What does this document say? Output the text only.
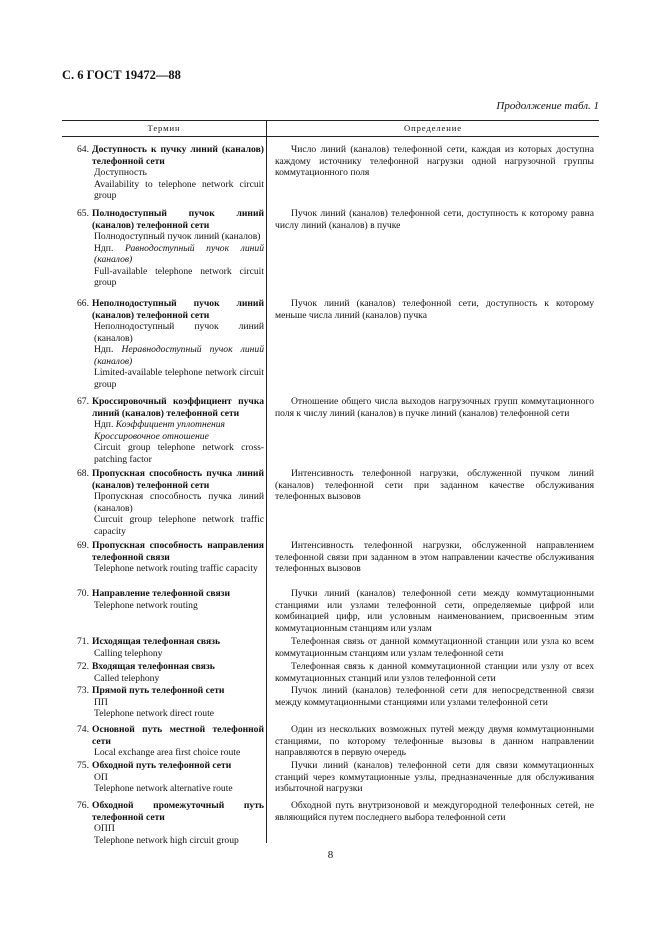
С. 6 ГОСТ 19472—88
Продолжение табл. 1
Термин	Определение
64. Доступность к пучку линий (каналов) телефонной сети
Доступность
Availability to telephone network circuit group
Число линий (каналов) телефонной сети, каждая из которых доступна каждому источнику телефонной нагрузки одной нагрузочной группы коммутационного поля
65. Полнодоступный пучок линий (каналов) телефонной сети
Полнодоступный пучок линий (каналов)
Ндп. Равнодоступный пучок линий (каналов)
Full-available telephone network circuit group
Пучок линий (каналов) телефонной сети, доступность к которому равна числу линий (каналов) в пучке
66. Неполнодоступный пучок линий (каналов) телефонной сети
Неполнодоступный пучок линий (каналов)
Ндп. Неравнодоступный пучок линий (каналов)
Limited-available telephone network circuit group
Пучок линий (каналов) телефонной сети, доступность к которому меньше числа линий (каналов) пучка
67. Кроссировочный коэффициент пучка линий (каналов) телефонной сети
Ндп. Коэффициент уплотнения
Кроссировочное отношение
Circuit group telephone network cross-patching factor
Отношение общего числа выходов нагрузочных групп коммутационного поля к числу линий (каналов) в пучке линий (каналов) телефонной сети
68. Пропускная способность пучка линий (каналов) телефонной сети
Пропускная способность пучка линий (каналов)
Curcuit group telephone network traffic capacity
Интенсивность телефонной нагрузки, обслуженной пучком линий (каналов) телефонной сети при заданном качестве обслуживания телефонных вызовов
69. Пропускная способность направления телефонной связи
Telephone network routing traffic capacity
Интенсивность телефонной нагрузки, обслуженной направлением телефонной связи при заданном в этом направлении качестве обслуживания телефонных вызовов
70. Направление телефонной связи
Telephone network routing
Пучки линий (каналов) телефонной сети между коммутационными станциями или узлами телефонной сети, определяемые цифрой или комбинацией цифр, или условным наименованием, присвоенным этим коммутационным станциям или узлам
71. Исходящая телефонная связь
Calling telephony
Телефонная связь от данной коммутационной станции или узла ко всем коммутационным станциям или узлам телефонной сети
72. Входящая телефонная связь
Called telephony
Телефонная связь к данной коммутационной станции или узлу от всех коммутационных станций или узлов телефонной сети
73. Прямой путь телефонной сети
ПП
Telephone network direct route
Пучок линий (каналов) телефонной сети для непосредственной связи между коммутационными станциями или узлами телефонной сети
74. Основной путь местной телефонной сети
Local exchange area first choice route
Один из нескольких возможных путей между двумя коммутационными станциями, по которому телефонные вызовы в данном направлении направляются в первую очередь
75. Обходной путь телефонной сети
ОП
Telephone network alternative route
Пучки линий (каналов) телефонной сети для связи коммутационных станций через коммутационные узлы, предназначенные для обслуживания избыточной нагрузки
76. Обходной промежуточный путь телефонной сети
ОПП
Telephone network high circuit group
Обходной путь внутризоновой и междугородной телефонных сетей, не являющийся путем последнего выбора телефонной сети
8
